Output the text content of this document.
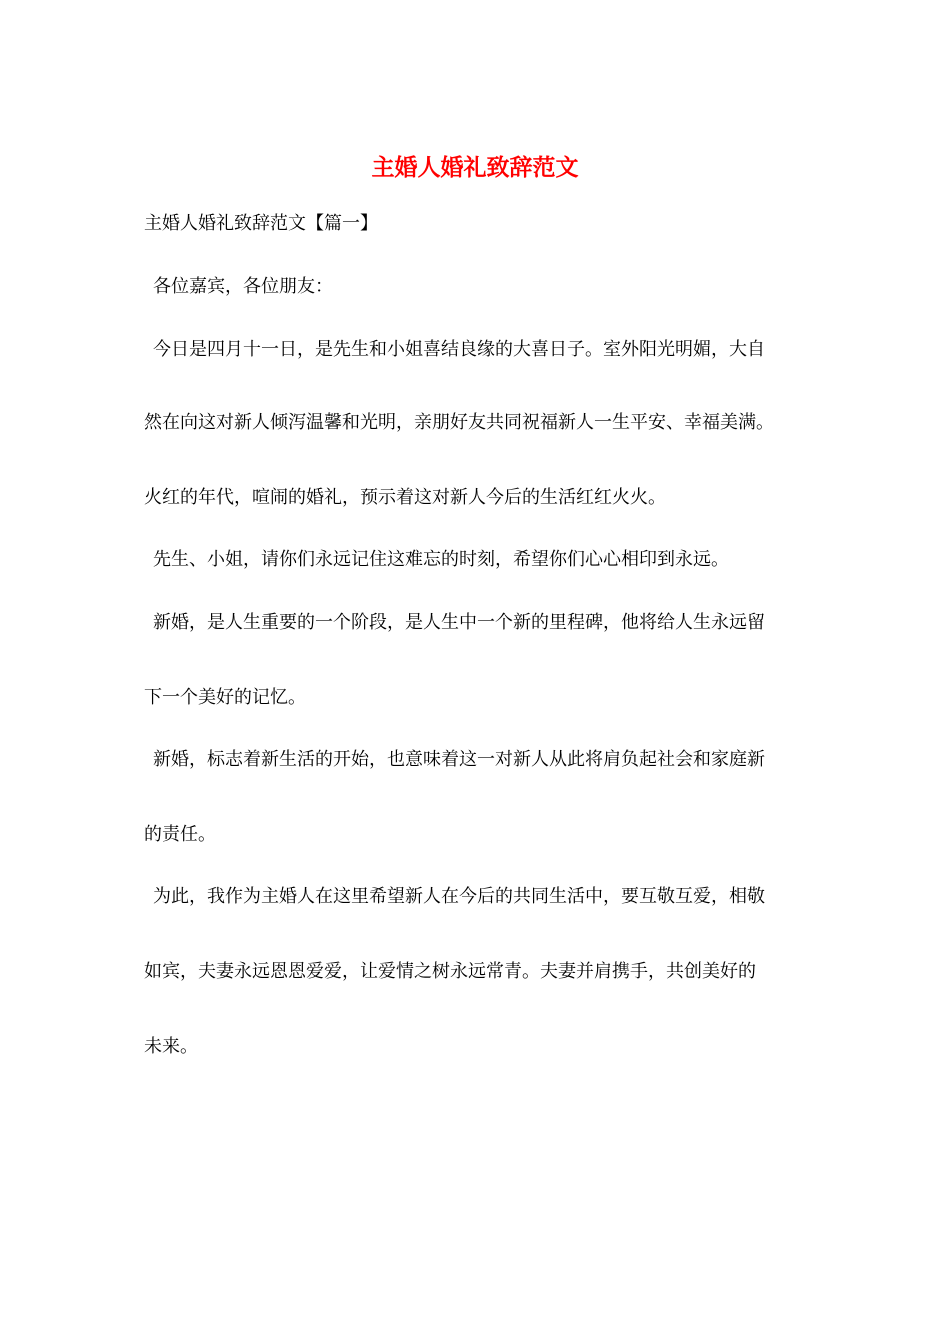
主婚人婚礼致辞范文

主婚人婚礼致辞范文【篇一】

各位嘉宾，各位朋友：

今日是四月十一日，是先生和小姐喜结良缘的大喜日子。室外阳光明媚，大自

然在向这对新人倾泻温馨和光明，亲朋好友共同祝福新人一生平安、幸福美满。

火红的年代，喧闹的婚礼，预示着这对新人今后的生活红红火火。

先生、小姐，请你们永远记住这难忘的时刻，希望你们心心相印到永远。

新婚，是人生重要的一个阶段，是人生中一个新的里程碑，他将给人生永远留

下一个美好的记忆。

新婚，标志着新生活的开始，也意味着这一对新人从此将肩负起社会和家庭新

的责任。

为此，我作为主婚人在这里希望新人在今后的共同生活中，要互敬互爱，相敬

如宾，夫妻永远恩恩爱爱，让爱情之树永远常青。夫妻并肩携手，共创美好的

未来。
